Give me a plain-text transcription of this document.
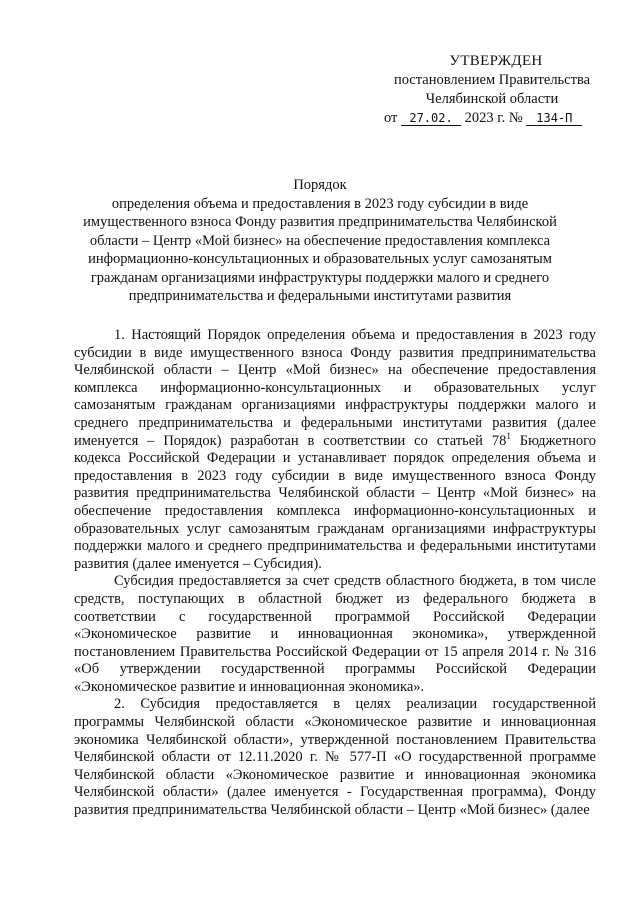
УТВЕРЖДЕН
постановлением Правительства
Челябинской области
от 27.02. 2023 г. № 134-П
Порядок
определения объема и предоставления в 2023 году субсидии в виде имущественного взноса Фонду развития предпринимательства Челябинской области – Центр «Мой бизнес» на обеспечение предоставления комплекса информационно-консультационных и образовательных услуг самозанятым гражданам организациями инфраструктуры поддержки малого и среднего предпринимательства и федеральными институтами развития

1. Настоящий Порядок определения объема и предоставления в 2023 году субсидии в виде имущественного взноса Фонду развития предпринимательства Челябинской области – Центр «Мой бизнес» на обеспечение предоставления комплекса информационно-консультационных и образовательных услуг самозанятым гражданам организациями инфраструктуры поддержки малого и среднего предпринимательства и федеральными институтами развития (далее именуется – Порядок) разработан в соответствии со статьей $78^1$ Бюджетного кодекса Российской Федерации и устанавливает порядок определения объема и предоставления в 2023 году субсидии в виде имущественного взноса Фонду развития предпринимательства Челябинской области – Центр «Мой бизнес» на обеспечение предоставления комплекса информационно-консультационных и образовательных услуг самозанятым гражданам организациями инфраструктуры поддержки малого и среднего предпринимательства и федеральными институтами развития (далее именуется – Субсидия).

Субсидия предоставляется за счет средств областного бюджета, в том числе средств, поступающих в областной бюджет из федерального бюджета в соответствии с государственной программой Российской Федерации «Экономическое развитие и инновационная экономика», утвержденной постановлением Правительства Российской Федерации от 15 апреля 2014 г. № 316 «Об утверждении государственной программы Российской Федерации «Экономическое развитие и инновационная экономика».

2. Субсидия предоставляется в целях реализации государственной программы Челябинской области «Экономическое развитие и инновационная экономика Челябинской области», утвержденной постановлением Правительства Челябинской области от 12.11.2020 г. № 577-П «О государственной программе Челябинской области «Экономическое развитие и инновационная экономика Челябинской области» (далее именуется - Государственная программа), Фонду развития предпринимательства Челябинской области – Центр «Мой бизнес» (далее
